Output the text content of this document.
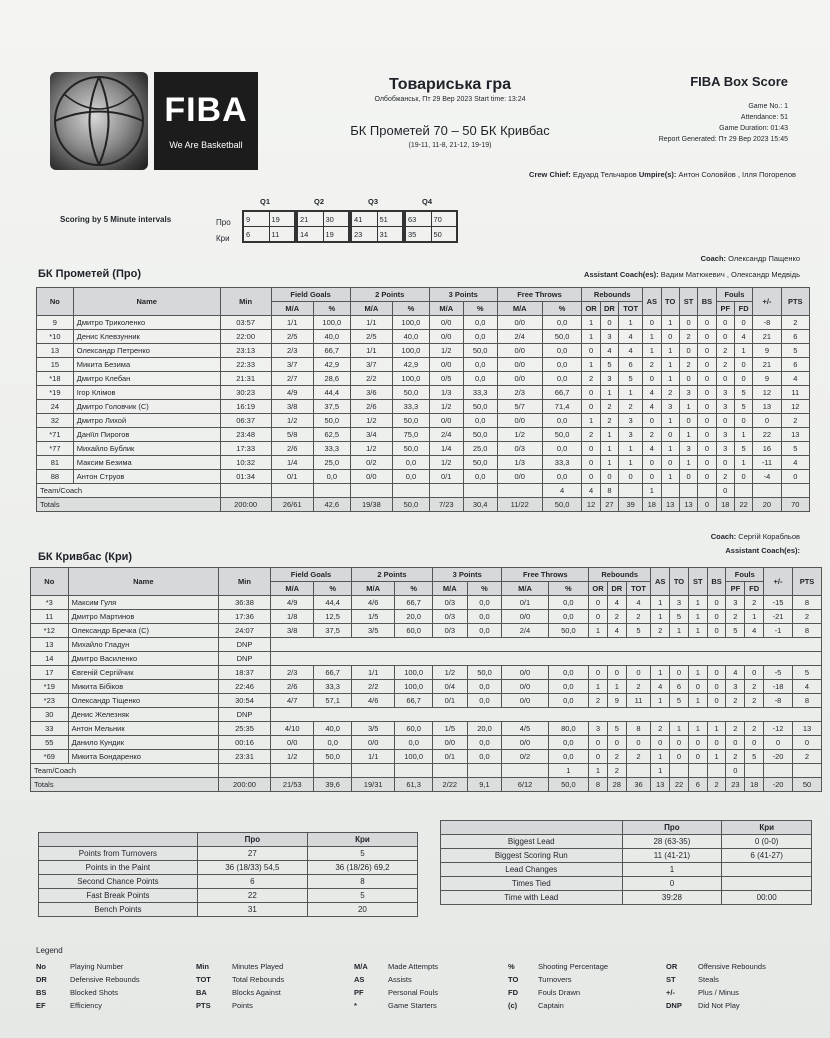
FIBA
We Are Basketball
Товариська гра
Олбобжанськ, Пт 29 Вер 2023 Start time: 13:24
БК Прометей 70 – 50 БК Кривбас
(19-11, 11-8, 21-12, 19-19)
FIBA Box Score
Game No.: 1
Attendance: 51
Game Duration: 01:43
Report Generated: Пт 29 Вер 2023 15:45
Crew Chief: Едуард Тельчаров Umpire(s): Антон Соловйов , Ілля Погорелов
Scoring by 5 Minute intervals	Про
Кри
Q1
9	19
6	11
Q2
21	30
14	19
Q3
41	51
23	31
Q4
63	70
35	50
БК Прометей (Про)
Coach: Олександр Пащенко
Assistant Coach(es): Вадим Матюкевич , Олександр Медвідь
No	Name	Min	Field Goals		2 Points		3 Points		Free Throws		Rebounds			AS	TO	ST	BS	Fouls		+/-	PTS
			M/A	%	M/A	%	M/A	%	M/A	%	OR	DR	TOT					PF	FD		
9	Дмитро Триколенко	03:57	1/1	100,0	1/1	100,0	0/0	0,0	0/0	0,0	1	0	1	0	1	0	0	0	0	-8	2
*10	Денис Клевзунник	22:00	2/5	40,0	2/5	40,0	0/0	0,0	2/4	50,0	1	3	4	1	0	2	0	0	4	21	6
13	Олександр Петренко	23:13	2/3	66,7	1/1	100,0	1/2	50,0	0/0	0,0	0	4	4	1	1	0	0	2	1	9	5
15	Микита Безима	22:33	3/7	42,9	3/7	42,9	0/0	0,0	0/0	0,0	1	5	6	2	1	2	0	2	0	21	6
*18	Дмитро Клебан	21:31	2/7	28,6	2/2	100,0	0/5	0,0	0/0	0,0	2	3	5	0	1	0	0	0	0	9	4
*19	Ігор Клімов	30:23	4/9	44,4	3/6	50,0	1/3	33,3	2/3	66,7	0	1	1	4	2	3	0	3	5	12	11
24	Дмитро Головчик (C)	16:19	3/8	37,5	2/6	33,3	1/2	50,0	5/7	71,4	0	2	2	4	3	1	0	3	5	13	12
32	Дмитро Лихой	06:37	1/2	50,0	1/2	50,0	0/0	0,0	0/0	0,0	1	2	3	0	1	0	0	0	0	0	2
*71	Данїїл Пирогов	23:48	5/8	62,5	3/4	75,0	2/4	50,0	1/2	50,0	2	1	3	2	0	1	0	3	1	22	13
*77	Михайло Бублик	17:33	2/6	33,3	1/2	50,0	1/4	25,0	0/3	0,0	0	1	1	4	1	3	0	3	5	16	5
81	Максим Безима	10:32	1/4	25,0	0/2	0,0	1/2	50,0	1/3	33,3	0	1	1	0	0	1	0	0	1	-11	4
88	Антон Струов	01:34	0/1	0,0	0/0	0,0	0/1	0,0	0/0	0,0	0	0	0	0	1	0	0	2	0	-4	0
Team/Coach										4	4	8		1				0			
Totals		200:00	26/61	42,6	19/38	50,0	7/23	30,4	11/22	50,0	12	27	39	18	13	13	0	18	22	20	70
БК Кривбас (Кри)
Coach: Сергій Корабльов
Assistant Coach(es):
No	Name	Min	Field Goals		2 Points		3 Points		Free Throws		Rebounds			AS	TO	ST	BS	Fouls		+/-	PTS
			M/A	%	M/A	%	M/A	%	M/A	%	OR	DR	TOT					PF	FD		
*3	Максим Гуля	36:38	4/9	44,4	4/6	66,7	0/3	0,0	0/1	0,0	0	4	4	1	3	1	0	3	2	-15	8
11	Дмитро Мартинов	17:36	1/8	12,5	1/5	20,0	0/3	0,0	0/0	0,0	0	2	2	1	5	1	0	2	1	-21	2
*12	Олександр Бречка (C)	24:07	3/8	37,5	3/5	60,0	0/3	0,0	2/4	50,0	1	4	5	2	1	1	0	5	4	-1	8
13	Михайло Гладун	DNP																			
14	Дмитро Василенко	DNP																			
17	Євгеній Сергійчик	18:37	2/3	66,7	1/1	100,0	1/2	50,0	0/0	0,0	0	0	0	1	0	1	0	4	0	-5	5
*19	Микита Бібіков	22:46	2/6	33,3	2/2	100,0	0/4	0,0	0/0	0,0	1	1	2	4	6	0	0	3	2	-18	4
*23	Олександр Тіщенко	30:54	4/7	57,1	4/6	66,7	0/1	0,0	0/0	0,0	2	9	11	1	5	1	0	2	2	-8	8
30	Денис Железняк	DNP																			
33	Антон Мельник	25:35	4/10	40,0	3/5	60,0	1/5	20,0	4/5	80,0	3	5	8	2	1	1	1	2	2	-12	13
55	Данило Кундик	00:16	0/0	0,0	0/0	0,0	0/0	0,0	0/0	0,0	0	0	0	0	0	0	0	0	0	0	0
*69	Микита Бондаренко	23:31	1/2	50,0	1/1	100,0	0/1	0,0	0/2	0,0	0	2	2	1	0	0	1	2	5	-20	2
Team/Coach										1	1	2		1				0			
Totals		200:00	21/53	39,6	19/31	61,3	2/22	9,1	6/12	50,0	8	28	36	13	22	6	2	23	18	-20	50
	Про	Кри
Points from Turnovers	27	5
Points in the Paint	36 (18/33) 54,5	36 (18/26) 69,2
Second Chance Points	6	8
Fast Break Points	22	5
Bench Points	31	20
	Про	Кри
Biggest Lead	28 (63-35)	0 (0-0)
Biggest Scoring Run	11 (41-21)	6 (41-27)
Lead Changes	1	
Times Tied	0	
Time with Lead	39:28	00:00
Legend
No	Playing Number
DR	Defensive Rebounds
BS	Blocked Shots
EF	Efficiency
Min	Minutes Played
TOT	Total Rebounds
BA	Blocks Against
PTS	Points
M/A	Made Attempts
AS	Assists
PF	Personal Fouls
*	Game Starters
%	Shooting Percentage
TO	Turnovers
FD	Fouls Drawn
(c)	Captain
OR	Offensive Rebounds
ST	Steals
+/-	Plus / Minus
DNP Did Not Play
